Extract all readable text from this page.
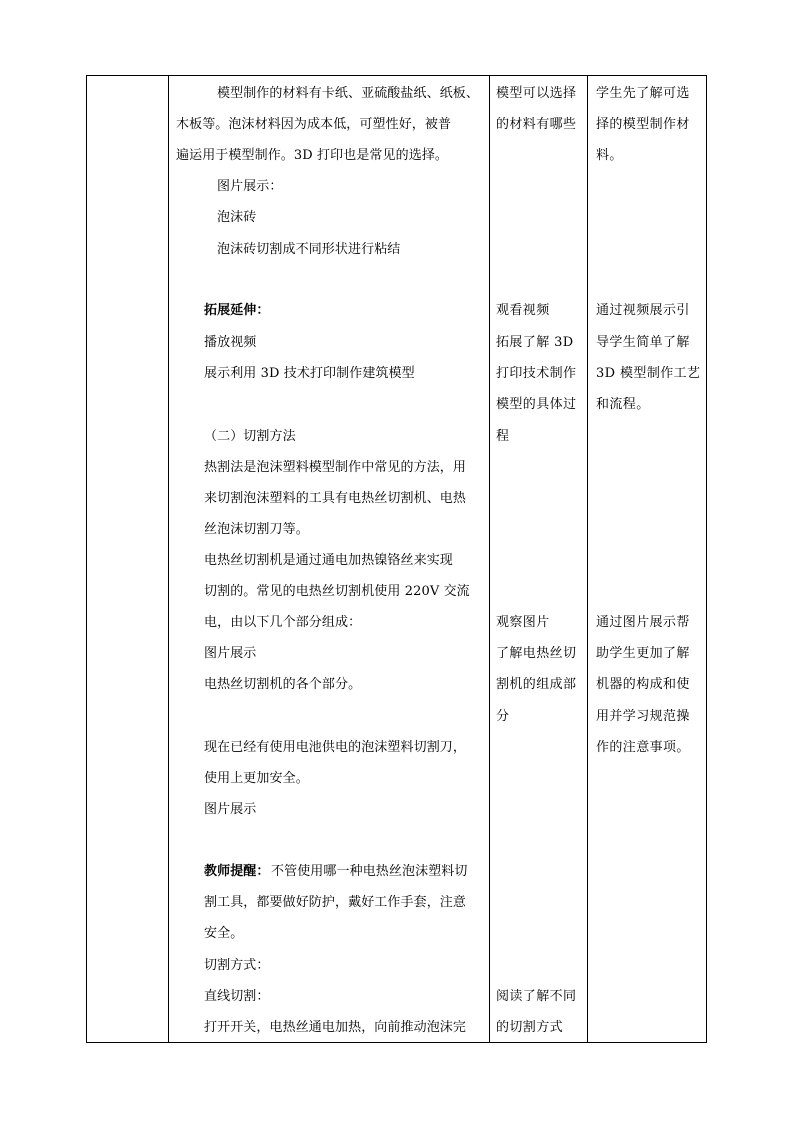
模型制作的材料有卡纸、亚硫酸盐纸、纸板、
木板等。泡沫材料因为成本低，可塑性好，被普
遍运用于模型制作。3D 打印也是常见的选择。
图片展示：
泡沫砖
泡沫砖切割成不同形状进行粘结
拓展延伸：
播放视频
展示利用 3D 技术打印制作建筑模型
（二）切割方法
热割法是泡沫塑料模型制作中常见的方法，用
来切割泡沫塑料的工具有电热丝切割机、电热
丝泡沫切割刀等。
电热丝切割机是通过通电加热镍铬丝来实现
切割的。常见的电热丝切割机使用 220V 交流
电，由以下几个部分组成：
图片展示
电热丝切割机的各个部分。
现在已经有使用电池供电的泡沫塑料切割刀，
使用上更加安全。
图片展示
教师提醒： 不管使用哪一种电热丝泡沫塑料切
割工具，都要做好防护，戴好工作手套，注意
安全。
切割方式：
直线切割：
打开开关，电热丝通电加热，向前推动泡沫完
模型可以选择
的材料有哪些
观看视频
拓展了解 3D
打印技术制作
模型的具体过
程
观察图片
了解电热丝切
割机的组成部
分
阅读了解不同
的切割方式
学生先了解可选
择的模型制作材
料。
通过视频展示引
导学生简单了解
3D 模型制作工艺
和流程。
通过图片展示帮
助学生更加了解
机器的构成和使
用并学习规范操
作的注意事项。
